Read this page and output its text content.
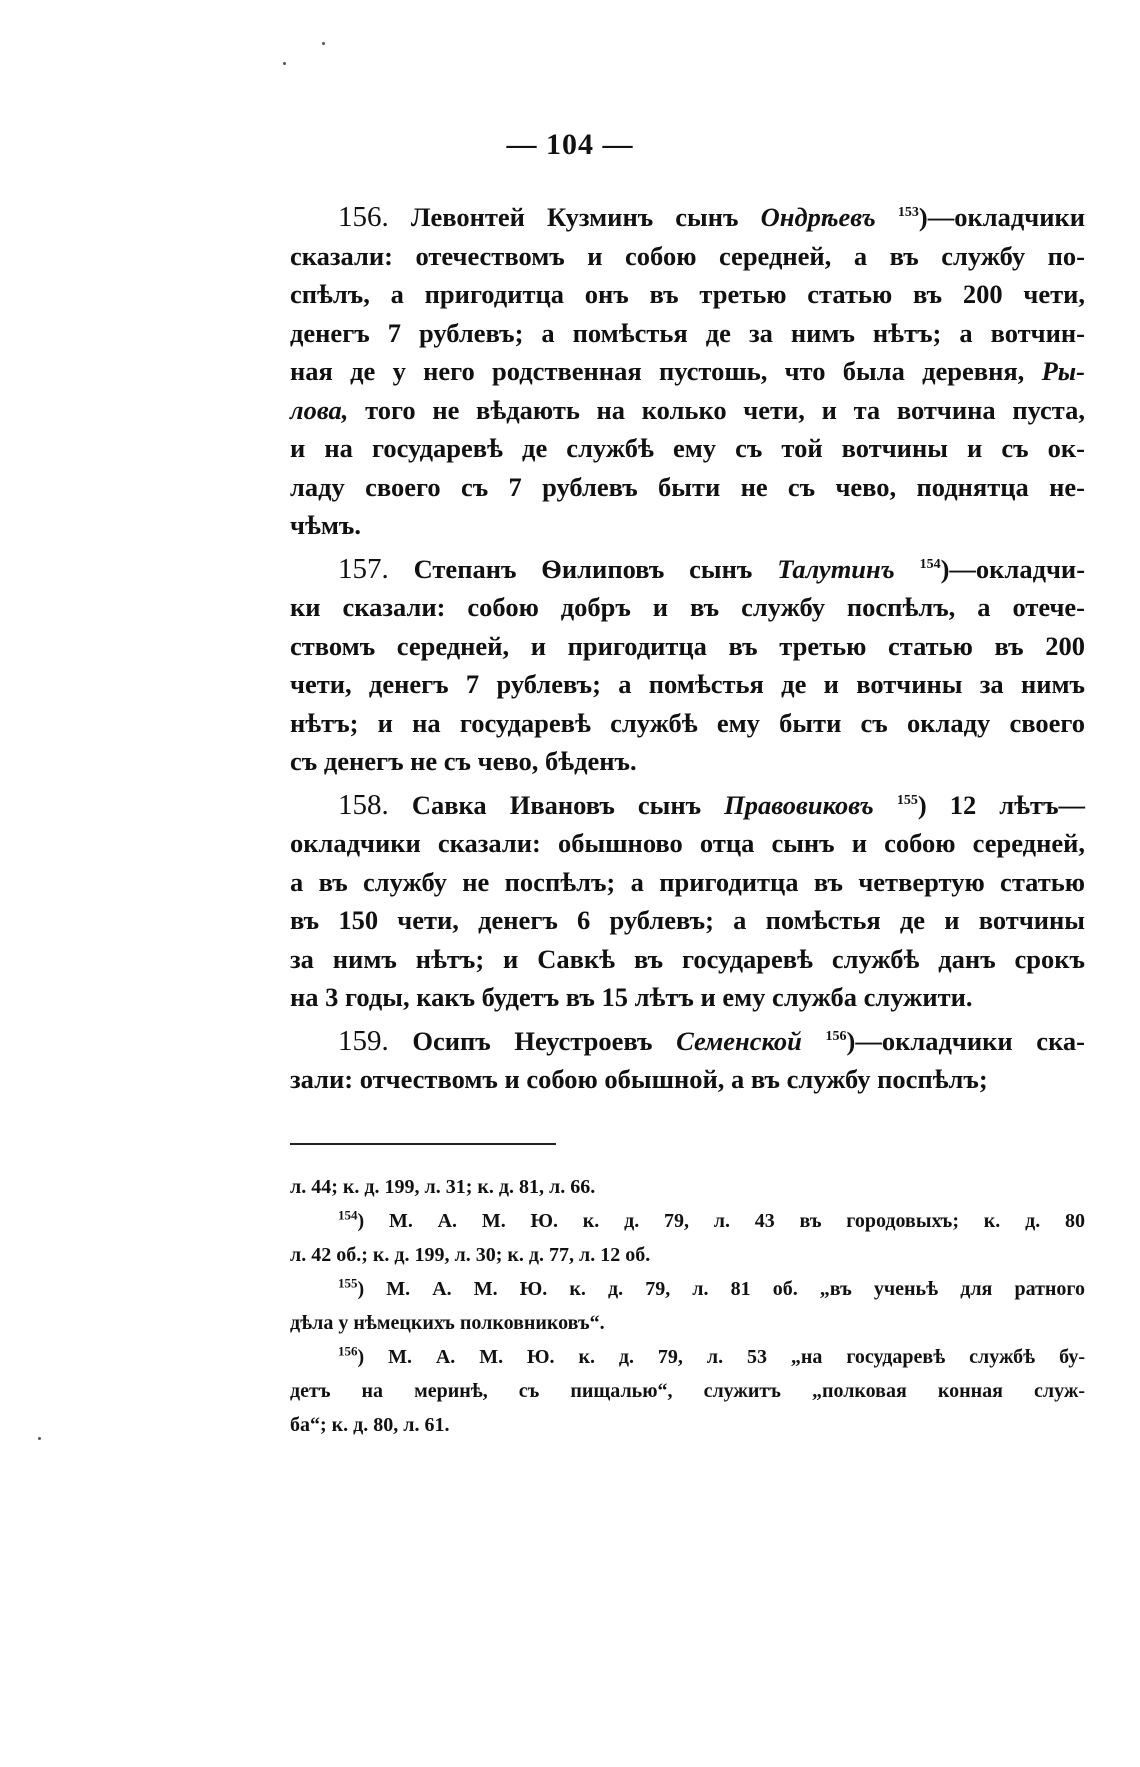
— 104 —
156. Левонтей Кузминъ сынъ Ондрѣевъ $^{153}$)—окладчики
сказали: отечествомъ и собою середней, а въ службу по-
спѣлъ, а пригодитца онъ въ третью статью въ 200 чети,
денегъ 7 рублевъ; а помѣстья де за нимъ нѣтъ; а вотчин-
ная де у него родственная пустошь, что была деревня, Ры-
лова, того не вѣдають на колько чети, и та вотчина пуста,
и на государевѣ де службѣ ему съ той вотчины и съ ок-
ладу своего съ 7 рублевъ быти не съ чево, поднятца не-
чѣмъ.
157. Степанъ Ѳилиповъ сынъ Талутинъ $^{154}$)—окладчи-
ки сказали: собою добръ и въ службу поспѣлъ, а отече-
ствомъ середней, и пригодитца въ третью статью въ 200
чети, денегъ 7 рублевъ; а помѣстья де и вотчины за нимъ
нѣтъ; и на государевѣ службѣ ему быти съ окладу своего
съ денегъ не съ чево, бѣденъ.
158. Савка Ивановъ сынъ Правовиковъ $^{155}$) 12 лѣтъ—
окладчики сказали: обышново отца сынъ и собою середней,
а въ службу не поспѣлъ; а пригодитца въ четвертую статью
въ 150 чети, денегъ 6 рублевъ; а помѣстья де и вотчины
за нимъ нѣтъ; и Савкѣ въ государевѣ службѣ данъ срокъ
на 3 годы, какъ будетъ въ 15 лѣтъ и ему служба служити.
159. Осипъ Неустроевъ Семенской $^{156}$)—окладчики ска-
зали: отчествомъ и собою обышной, а въ службу поспѣлъ;
л. 44; к. д. 199, л. 31; к. д. 81, л. 66.
$^{154}$) М. А. М. Ю. к. д. 79, л. 43 въ городовыхъ; к. д. 80
л. 42 об.; к. д. 199, л. 30; к. д. 77, л. 12 об.
$^{155}$) М. А. М. Ю. к. д. 79, л. 81 об. „въ ученьѣ для ратного
дѣла у нѣмецкихъ полковниковъ“.
$^{156}$) М. А. М. Ю. к. д. 79, л. 53 „на государевѣ службѣ бу-
детъ на меринѣ, съ пищалью“, служитъ „полковая конная служ-
ба“; к. д. 80, л. 61.
